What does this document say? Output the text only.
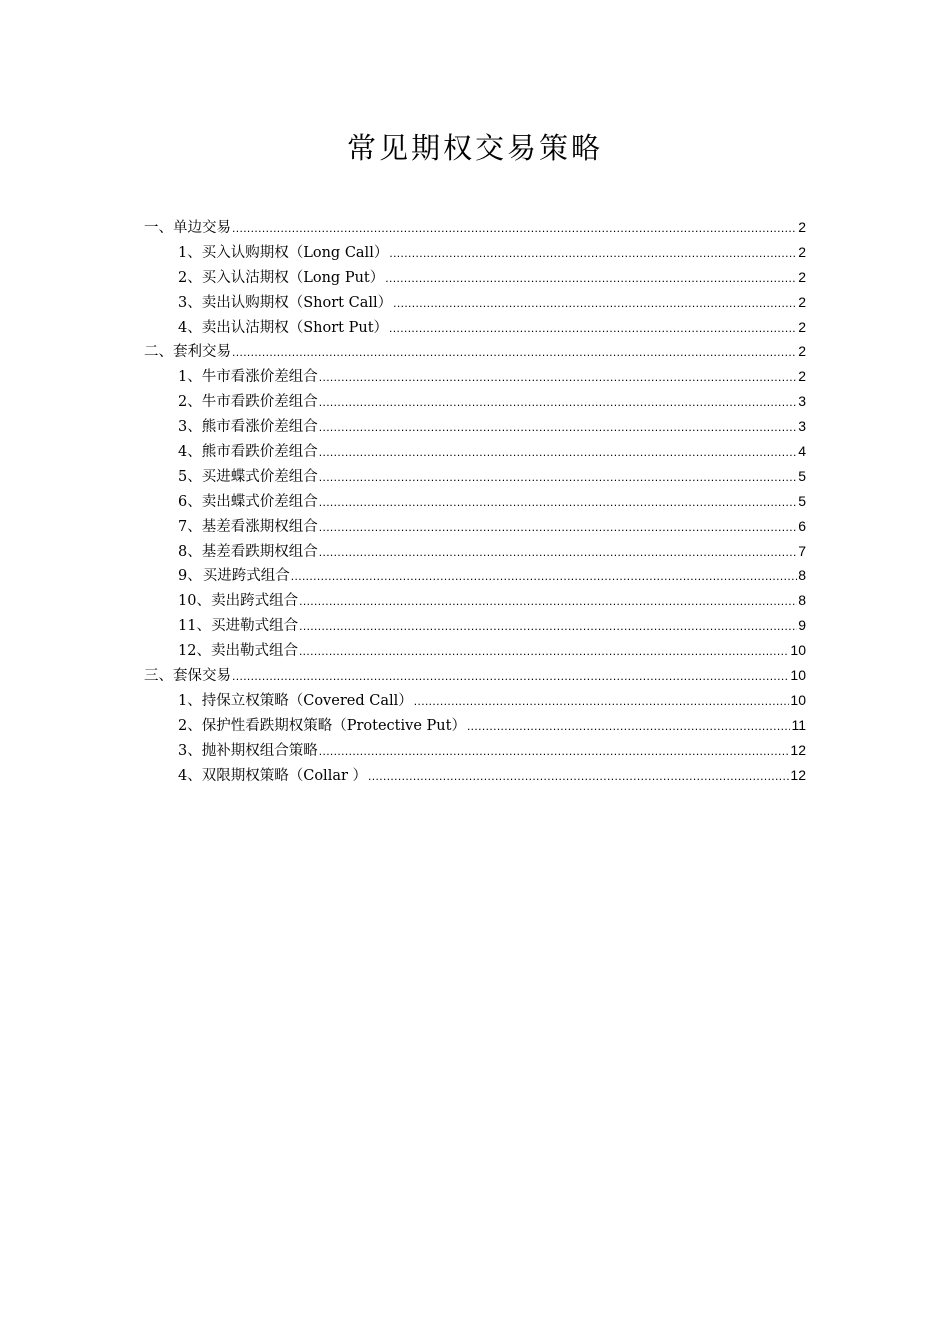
常见期权交易策略
一、单边交易 .....	2
1、 买入认购期权（Long Call） .....	2
2、 买入认沽期权（Long Put） .....	2
3、 卖出认购期权（Short Call） .....	2
4、 卖出认沽期权（Short Put） .....	2
二、套利交易 .....	2
1、 牛市看涨价差组合 .....	2
2、 牛市看跌价差组合 .....	3
3、 熊市看涨价差组合 .....	3
4、 熊市看跌价差组合 .....	4
5、 买进蝶式价差组合 .....	5
6、 卖出蝶式价差组合 .....	5
7、 基差看涨期权组合 .....	6
8、 基差看跌期权组合 .....	7
9、 买进跨式组合 .....	8
10、 卖出跨式组合 .....	8
11、 买进勒式组合 .....	9
12、 卖出勒式组合 .....	10
三、套保交易 .....	10
1、 持保立权策略（Covered Call） .....	10
2、 保护性看跌期权策略（Protective Put） .....	11
3、 抛补期权组合策略 .....	12
4、 双限期权策略（Collar ） .....	12
